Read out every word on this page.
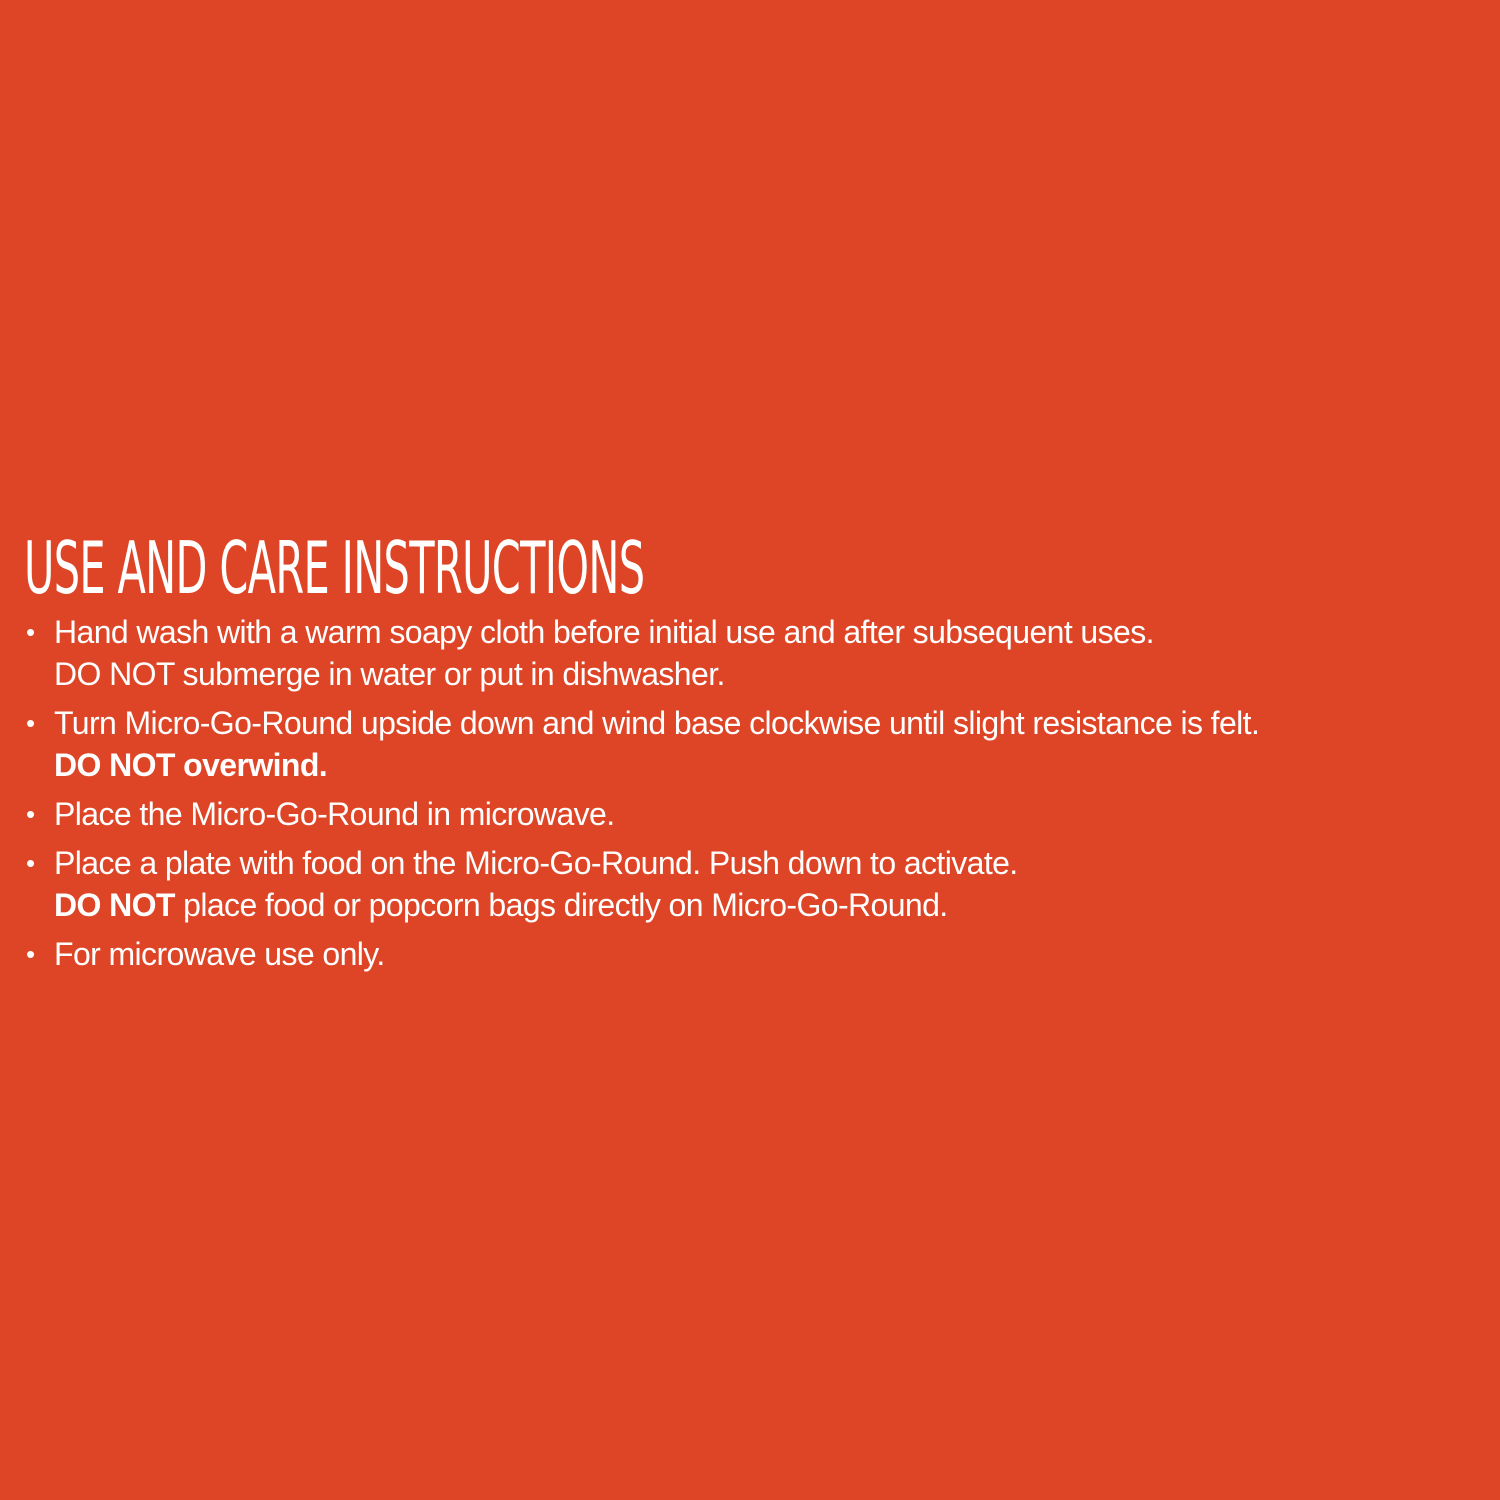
USE AND CARE INSTRUCTIONS
• Hand wash with a warm soapy cloth before initial use and after subsequent uses.
DO NOT submerge in water or put in dishwasher.
• Turn Micro-Go-Round upside down and wind base clockwise until slight resistance is felt.
DO NOT overwind.
• Place the Micro-Go-Round in microwave.
• Place a plate with food on the Micro-Go-Round. Push down to activate.
DO NOT place food or popcorn bags directly on Micro-Go-Round.
• For microwave use only.
